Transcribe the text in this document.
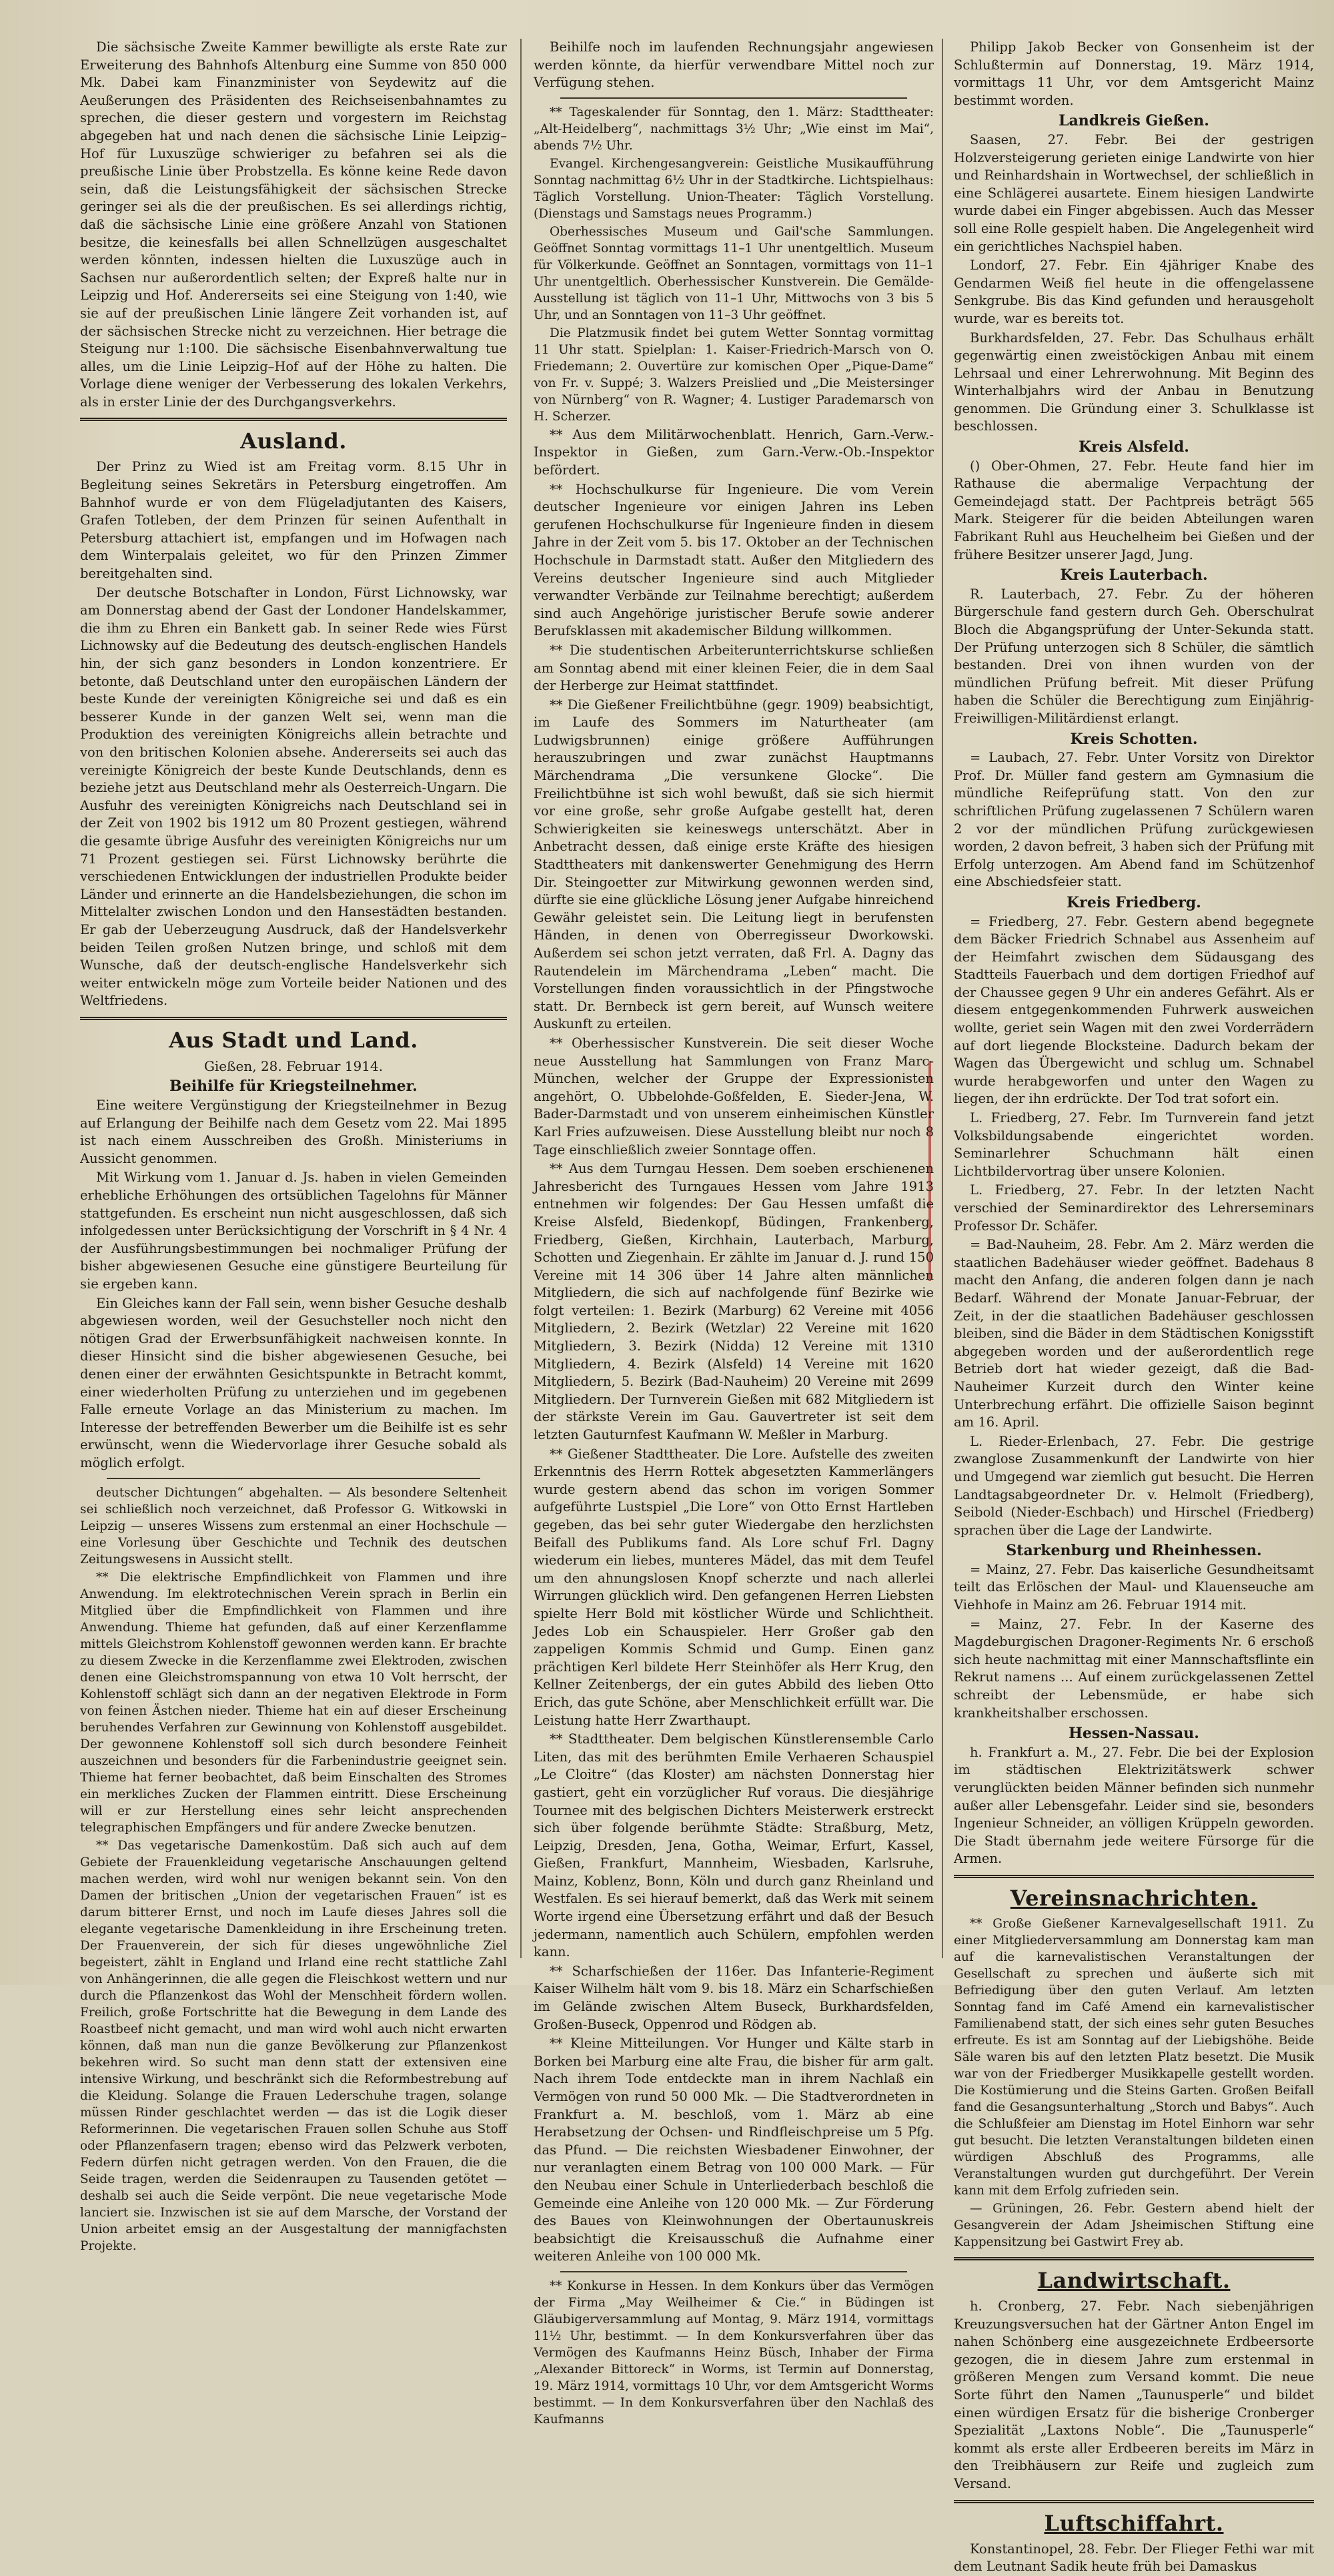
Die sächsische Zweite Kammer bewilligte als erste Rate zur Erweiterung des Bahnhofs Altenburg eine Summe von 850 000 Mk. Dabei kam Finanzminister von Seydewitz auf die Aeußerungen des Präsidenten des Reichseisenbahnamtes zu sprechen, die dieser gestern und vorgestern im Reichstag abgegeben hat und nach denen die sächsische Linie Leipzig–Hof für Luxuszüge schwieriger zu befahren sei als die preußische Linie über Probstzella. Es könne keine Rede davon sein, daß die Leistungsfähigkeit der sächsischen Strecke geringer sei als die der preußischen. Es sei allerdings richtig, daß die sächsische Linie eine größere Anzahl von Stationen besitze, die keinesfalls bei allen Schnellzügen ausgeschaltet werden könnten, indessen hielten die Luxuszüge auch in Sachsen nur außerordentlich selten; der Expreß halte nur in Leipzig und Hof. Andererseits sei eine Steigung von 1:40, wie sie auf der preußischen Linie längere Zeit vorhanden ist, auf der sächsischen Strecke nicht zu verzeichnen. Hier betrage die Steigung nur 1:100. Die sächsische Eisenbahnverwaltung tue alles, um die Linie Leipzig–Hof auf der Höhe zu halten. Die Vorlage diene weniger der Verbesserung des lokalen Verkehrs, als in erster Linie der des Durchgangsverkehrs.

Ausland.

Der Prinz zu Wied ist am Freitag vorm. 8.15 Uhr in Begleitung seines Sekretärs in Petersburg eingetroffen. Am Bahnhof wurde er von dem Flügeladjutanten des Kaisers, Grafen Totleben, der dem Prinzen für seinen Aufenthalt in Petersburg attachiert ist, empfangen und im Hofwagen nach dem Winterpalais geleitet, wo für den Prinzen Zimmer bereitgehalten sind.

Der deutsche Botschafter in London, Fürst Lichnowsky, war am Donnerstag abend der Gast der Londoner Handelskammer, die ihm zu Ehren ein Bankett gab. In seiner Rede wies Fürst Lichnowsky auf die Bedeutung des deutsch-englischen Handels hin, der sich ganz besonders in London konzentriere. Er betonte, daß Deutschland unter den europäischen Ländern der beste Kunde der vereinigten Königreiche sei und daß es ein besserer Kunde in der ganzen Welt sei, wenn man die Produktion des vereinigten Königreichs allein betrachte und von den britischen Kolonien absehe. Andererseits sei auch das vereinigte Königreich der beste Kunde Deutschlands, denn es beziehe jetzt aus Deutschland mehr als Oesterreich-Ungarn. Die Ausfuhr des vereinigten Königreichs nach Deutschland sei in der Zeit von 1902 bis 1912 um 80 Prozent gestiegen, während die gesamte übrige Ausfuhr des vereinigten Königreichs nur um 71 Prozent gestiegen sei. Fürst Lichnowsky berührte die verschiedenen Entwicklungen der industriellen Produkte beider Länder und erinnerte an die Handelsbeziehungen, die schon im Mittelalter zwischen London und den Hansestädten bestanden. Er gab der Ueberzeugung Ausdruck, daß der Handelsverkehr beiden Teilen großen Nutzen bringe, und schloß mit dem Wunsche, daß der deutsch-englische Handelsverkehr sich weiter entwickeln möge zum Vorteile beider Nationen und des Weltfriedens.

Aus Stadt und Land.
Gießen, 28. Februar 1914.
Beihilfe für Kriegsteilnehmer.

Eine weitere Vergünstigung der Kriegsteilnehmer in Bezug auf Erlangung der Beihilfe nach dem Gesetz vom 22. Mai 1895 ist nach einem Ausschreiben des Großh. Ministeriums in Aussicht genommen.

Mit Wirkung vom 1. Januar d. Js. haben in vielen Gemeinden erhebliche Erhöhungen des ortsüblichen Tagelohns für Männer stattgefunden. Es erscheint nun nicht ausgeschlossen, daß sich infolgedessen unter Berücksichtigung der Vorschrift in § 4 Nr. 4 der Ausführungsbestimmungen bei nochmaliger Prüfung der bisher abgewiesenen Gesuche eine günstigere Beurteilung für sie ergeben kann.

Ein Gleiches kann der Fall sein, wenn bisher Gesuche deshalb abgewiesen worden, weil der Gesuchsteller noch nicht den nötigen Grad der Erwerbsunfähigkeit nachweisen konnte. In dieser Hinsicht sind die bisher abgewiesenen Gesuche, bei denen einer der erwähnten Gesichtspunkte in Betracht kommt, einer wiederholten Prüfung zu unterziehen und im gegebenen Falle erneute Vorlage an das Ministerium zu machen. Im Interesse der betreffenden Bewerber um die Beihilfe ist es sehr erwünscht, wenn die Wiedervorlage ihrer Gesuche sobald als möglich erfolgt.

deutscher Dichtungen“ abgehalten. — Als besondere Seltenheit sei schließlich noch verzeichnet, daß Professor G. Witkowski in Leipzig — unseres Wissens zum erstenmal an einer Hochschule — eine Vorlesung über Geschichte und Technik des deutschen Zeitungswesens in Aussicht stellt.

** Die elektrische Empfindlichkeit von Flammen und ihre Anwendung. Im elektrotechnischen Verein sprach in Berlin ein Mitglied über die Empfindlichkeit von Flammen und ihre Anwendung. Thieme hat gefunden, daß auf einer Kerzenflamme mittels Gleichstrom Kohlenstoff gewonnen werden kann. Er brachte zu diesem Zwecke in die Kerzenflamme zwei Elektroden, zwischen denen eine Gleichstromspannung von etwa 10 Volt herrscht, der Kohlenstoff schlägt sich dann an der negativen Elektrode in Form von feinen Ästchen nieder. Thieme hat ein auf dieser Erscheinung beruhendes Verfahren zur Gewinnung von Kohlenstoff ausgebildet. Der gewonnene Kohlenstoff soll sich durch besondere Feinheit auszeichnen und besonders für die Farbenindustrie geeignet sein. Thieme hat ferner beobachtet, daß beim Einschalten des Stromes ein merkliches Zucken der Flammen eintritt. Diese Erscheinung will er zur Herstellung eines sehr leicht ansprechenden telegraphischen Empfängers und für andere Zwecke benutzen.

** Das vegetarische Damenkostüm. Daß sich auch auf dem Gebiete der Frauenkleidung vegetarische Anschauungen geltend machen werden, wird wohl nur wenigen bekannt sein. Von den Damen der britischen „Union der vegetarischen Frauen“ ist es darum bitterer Ernst, und noch im Laufe dieses Jahres soll die elegante vegetarische Damenkleidung in ihre Erscheinung treten. Der Frauenverein, der sich für dieses ungewöhnliche Ziel begeistert, zählt in England und Irland eine recht stattliche Zahl von Anhängerinnen, die alle gegen die Fleischkost wettern und nur durch die Pflanzenkost das Wohl der Menschheit fördern wollen. Freilich, große Fortschritte hat die Bewegung in dem Lande des Roastbeef nicht gemacht, und man wird wohl auch nicht erwarten können, daß man nun die ganze Bevölkerung zur Pflanzenkost bekehren wird. So sucht man denn statt der extensiven eine intensive Wirkung, und beschränkt sich die Reformbestrebung auf die Kleidung. Solange die Frauen Lederschuhe tragen, solange müssen Rinder geschlachtet werden — das ist die Logik dieser Reformerinnen. Die vegetarischen Frauen sollen Schuhe aus Stoff oder Pflanzenfasern tragen; ebenso wird das Pelzwerk verboten, Federn dürfen nicht getragen werden. Von den Frauen, die die Seide tragen, werden die Seidenraupen zu Tausenden getötet — deshalb sei auch die Seide verpönt. Die neue vegetarische Mode lanciert sie. Inzwischen ist sie auf dem Marsche, der Vorstand der Union arbeitet emsig an der Ausgestaltung der mannigfachsten Projekte.

Beihilfe noch im laufenden Rechnungsjahr angewiesen werden könnte, da hierfür verwendbare Mittel noch zur Verfügung stehen.

** Tageskalender für Sonntag, den 1. März: Stadttheater: „Alt-Heidelberg“, nachmittags 3½ Uhr; „Wie einst im Mai“, abends 7½ Uhr.

Evangel. Kirchengesangverein: Geistliche Musikaufführung Sonntag nachmittag 6½ Uhr in der Stadtkirche. Lichtspielhaus: Täglich Vorstellung. Union-Theater: Täglich Vorstellung. (Dienstags und Samstags neues Programm.)

Oberhessisches Museum und Gail'sche Sammlungen. Geöffnet Sonntag vormittags 11–1 Uhr unentgeltlich. Museum für Völkerkunde. Geöffnet an Sonntagen, vormittags von 11–1 Uhr unentgeltlich. Oberhessischer Kunstverein. Die Gemälde-Ausstellung ist täglich von 11–1 Uhr, Mittwochs von 3 bis 5 Uhr, und an Sonntagen von 11–3 Uhr geöffnet.

Die Platzmusik findet bei gutem Wetter Sonntag vormittag 11 Uhr statt. Spielplan: 1. Kaiser-Friedrich-Marsch von O. Friedemann; 2. Ouvertüre zur komischen Oper „Pique-Dame“ von Fr. v. Suppé; 3. Walzers Preislied und „Die Meistersinger von Nürnberg“ von R. Wagner; 4. Lustiger Parademarsch von H. Scherzer.

** Aus dem Militärwochenblatt. Henrich, Garn.-Verw.-Inspektor in Gießen, zum Garn.-Verw.-Ob.-Inspektor befördert.

** Hochschulkurse für Ingenieure. Die vom Verein deutscher Ingenieure vor einigen Jahren ins Leben gerufenen Hochschulkurse für Ingenieure finden in diesem Jahre in der Zeit vom 5. bis 17. Oktober an der Technischen Hochschule in Darmstadt statt. Außer den Mitgliedern des Vereins deutscher Ingenieure sind auch Mitglieder verwandter Verbände zur Teilnahme berechtigt; außerdem sind auch Angehörige juristischer Berufe sowie anderer Berufsklassen mit akademischer Bildung willkommen.

** Die studentischen Arbeiterunterrichtskurse schließen am Sonntag abend mit einer kleinen Feier, die in dem Saal der Herberge zur Heimat stattfindet.

** Die Gießener Freilichtbühne (gegr. 1909) beabsichtigt, im Laufe des Sommers im Naturtheater (am Ludwigsbrunnen) einige größere Aufführungen herauszubringen und zwar zunächst Hauptmanns Märchendrama „Die versunkene Glocke“. Die Freilichtbühne ist sich wohl bewußt, daß sie sich hiermit vor eine große, sehr große Aufgabe gestellt hat, deren Schwierigkeiten sie keineswegs unterschätzt. Aber in Anbetracht dessen, daß einige erste Kräfte des hiesigen Stadttheaters mit dankenswerter Genehmigung des Herrn Dir. Steingoetter zur Mitwirkung gewonnen werden sind, dürfte sie eine glückliche Lösung jener Aufgabe hinreichend Gewähr geleistet sein. Die Leitung liegt in berufensten Händen, in denen von Oberregisseur Dworkowski. Außerdem sei schon jetzt verraten, daß Frl. A. Dagny das Rautendelein im Märchendrama „Leben“ macht. Die Vorstellungen finden voraussichtlich in der Pfingstwoche statt. Dr. Bernbeck ist gern bereit, auf Wunsch weitere Auskunft zu erteilen.

** Oberhessischer Kunstverein. Die seit dieser Woche neue Ausstellung hat Sammlungen von Franz Marc-München, welcher der Gruppe der Expressionisten angehört, O. Ubbelohde-Goßfelden, E. Sieder-Jena, W. Bader-Darmstadt und von unserem einheimischen Künstler Karl Fries aufzuweisen. Diese Ausstellung bleibt nur noch 8 Tage einschließlich zweier Sonntage offen.

** Aus dem Turngau Hessen. Dem soeben erschienenen Jahresbericht des Turngaues Hessen vom Jahre 1913 entnehmen wir folgendes: Der Gau Hessen umfaßt die Kreise Alsfeld, Biedenkopf, Büdingen, Frankenberg, Friedberg, Gießen, Kirchhain, Lauterbach, Marburg, Schotten und Ziegenhain. Er zählte im Januar d. J. rund 150 Vereine mit 14 306 über 14 Jahre alten männlichen Mitgliedern, die sich auf nachfolgende fünf Bezirke wie folgt verteilen: 1. Bezirk (Marburg) 62 Vereine mit 4056 Mitgliedern, 2. Bezirk (Wetzlar) 22 Vereine mit 1620 Mitgliedern, 3. Bezirk (Nidda) 12 Vereine mit 1310 Mitgliedern, 4. Bezirk (Alsfeld) 14 Vereine mit 1620 Mitgliedern, 5. Bezirk (Bad-Nauheim) 20 Vereine mit 2699 Mitgliedern. Der Turnverein Gießen mit 682 Mitgliedern ist der stärkste Verein im Gau. Gauvertreter ist seit dem letzten Gauturnfest Kaufmann W. Meßler in Marburg.

** Gießener Stadttheater. Die Lore. Aufstelle des zweiten Erkenntnis des Herrn Rottek abgesetzten Kammerlängers wurde gestern abend das schon im vorigen Sommer aufgeführte Lustspiel „Die Lore“ von Otto Ernst Hartleben gegeben, das bei sehr guter Wiedergabe den herzlichsten Beifall des Publikums fand. Als Lore schuf Frl. Dagny wiederum ein liebes, munteres Mädel, das mit dem Teufel um den ahnungslosen Knopf scherzte und nach allerlei Wirrungen glücklich wird. Den gefangenen Herren Liebsten spielte Herr Bold mit köstlicher Würde und Schlichtheit. Jedes Lob ein Schauspieler. Herr Großer gab den zappeligen Kommis Schmid und Gump. Einen ganz prächtigen Kerl bildete Herr Steinhöfer als Herr Krug, den Kellner Zeitenbergs, der ein gutes Abbild des lieben Otto Erich, das gute Schöne, aber Menschlichkeit erfüllt war. Die Leistung hatte Herr Zwarthaupt.

** Stadttheater. Dem belgischen Künstlerensemble Carlo Liten, das mit des berühmten Emile Verhaeren Schauspiel „Le Cloitre“ (das Kloster) am nächsten Donnerstag hier gastiert, geht ein vorzüglicher Ruf voraus. Die diesjährige Tournee mit des belgischen Dichters Meisterwerk erstreckt sich über folgende berühmte Städte: Straßburg, Metz, Leipzig, Dresden, Jena, Gotha, Weimar, Erfurt, Kassel, Gießen, Frankfurt, Mannheim, Wiesbaden, Karlsruhe, Mainz, Koblenz, Bonn, Köln und durch ganz Rheinland und Westfalen. Es sei hierauf bemerkt, daß das Werk mit seinem Worte irgend eine Übersetzung erfährt und daß der Besuch jedermann, namentlich auch Schülern, empfohlen werden kann.

** Scharfschießen der 116er. Das Infanterie-Regiment Kaiser Wilhelm hält vom 9. bis 18. März ein Scharfschießen im Gelände zwischen Altem Buseck, Burkhardsfelden, Großen-Buseck, Oppenrod und Rödgen ab.

** Kleine Mitteilungen. Vor Hunger und Kälte starb in Borken bei Marburg eine alte Frau, die bisher für arm galt. Nach ihrem Tode entdeckte man in ihrem Nachlaß ein Vermögen von rund 50 000 Mk. — Die Stadtverordneten in Frankfurt a. M. beschloß, vom 1. März ab eine Herabsetzung der Ochsen- und Rindfleischpreise um 5 Pfg. das Pfund. — Die reichsten Wiesbadener Einwohner, der nur veranlagten einem Betrag von 100 000 Mark. — Für den Neubau einer Schule in Unterliederbach beschloß die Gemeinde eine Anleihe von 120 000 Mk. — Zur Förderung des Baues von Kleinwohnungen der Obertaunuskreis beabsichtigt die Kreisausschuß die Aufnahme einer weiteren Anleihe von 100 000 Mk.

** Konkurse in Hessen. In dem Konkurs über das Vermögen der Firma „May Weilheimer & Cie.“ in Büdingen ist Gläubigerversammlung auf Montag, 9. März 1914, vormittags 11½ Uhr, bestimmt. — In dem Konkursverfahren über das Vermögen des Kaufmanns Heinz Büsch, Inhaber der Firma „Alexander Bittoreck“ in Worms, ist Termin auf Donnerstag, 19. März 1914, vormittags 10 Uhr, vor dem Amtsgericht Worms bestimmt. — In dem Konkursverfahren über den Nachlaß des Kaufmanns

Philipp Jakob Becker von Gonsenheim ist der Schlußtermin auf Donnerstag, 19. März 1914, vormittags 11 Uhr, vor dem Amtsgericht Mainz bestimmt worden.

Landkreis Gießen.

Saasen, 27. Febr. Bei der gestrigen Holzversteigerung gerieten einige Landwirte von hier und Reinhardshain in Wortwechsel, der schließlich in eine Schlägerei ausartete. Einem hiesigen Landwirte wurde dabei ein Finger abgebissen. Auch das Messer soll eine Rolle gespielt haben. Die Angelegenheit wird ein gerichtliches Nachspiel haben.

Londorf, 27. Febr. Ein 4jähriger Knabe des Gendarmen Weiß fiel heute in die offengelassene Senkgrube. Bis das Kind gefunden und herausgeholt wurde, war es bereits tot.

Burkhardsfelden, 27. Febr. Das Schulhaus erhält gegenwärtig einen zweistöckigen Anbau mit einem Lehrsaal und einer Lehrerwohnung. Mit Beginn des Winterhalbjahrs wird der Anbau in Benutzung genommen. Die Gründung einer 3. Schulklasse ist beschlossen.

Kreis Alsfeld.

() Ober-Ohmen, 27. Febr. Heute fand hier im Rathause die abermalige Verpachtung der Gemeindejagd statt. Der Pachtpreis beträgt 565 Mark. Steigerer für die beiden Abteilungen waren Fabrikant Ruhl aus Heuchelheim bei Gießen und der frühere Besitzer unserer Jagd, Jung.

Kreis Lauterbach.

R. Lauterbach, 27. Febr. Zu der höheren Bürgerschule fand gestern durch Geh. Oberschulrat Bloch die Abgangsprüfung der Unter-Sekunda statt. Der Prüfung unterzogen sich 8 Schüler, die sämtlich bestanden. Drei von ihnen wurden von der mündlichen Prüfung befreit. Mit dieser Prüfung haben die Schüler die Berechtigung zum Einjährig-Freiwilligen-Militärdienst erlangt.

Kreis Schotten.

= Laubach, 27. Febr. Unter Vorsitz von Direktor Prof. Dr. Müller fand gestern am Gymnasium die mündliche Reifeprüfung statt. Von den zur schriftlichen Prüfung zugelassenen 7 Schülern waren 2 vor der mündlichen Prüfung zurückgewiesen worden, 2 davon befreit, 3 haben sich der Prüfung mit Erfolg unterzogen. Am Abend fand im Schützenhof eine Abschiedsfeier statt.

Kreis Friedberg.

= Friedberg, 27. Febr. Gestern abend begegnete dem Bäcker Friedrich Schnabel aus Assenheim auf der Heimfahrt zwischen dem Südausgang des Stadtteils Fauerbach und dem dortigen Friedhof auf der Chaussee gegen 9 Uhr ein anderes Gefährt. Als er diesem entgegenkommenden Fuhrwerk ausweichen wollte, geriet sein Wagen mit den zwei Vorderrädern auf dort liegende Blocksteine. Dadurch bekam der Wagen das Übergewicht und schlug um. Schnabel wurde herabgeworfen und unter den Wagen zu liegen, der ihn erdrückte. Der Tod trat sofort ein.

L. Friedberg, 27. Febr. Im Turnverein fand jetzt Volksbildungsabende eingerichtet worden. Seminarlehrer Schuchmann hält einen Lichtbildervortrag über unsere Kolonien.

L. Friedberg, 27. Febr. In der letzten Nacht verschied der Seminardirektor des Lehrerseminars Professor Dr. Schäfer.

= Bad-Nauheim, 28. Febr. Am 2. März werden die staatlichen Badehäuser wieder geöffnet. Badehaus 8 macht den Anfang, die anderen folgen dann je nach Bedarf. Während der Monate Januar-Februar, der Zeit, in der die staatlichen Badehäuser geschlossen bleiben, sind die Bäder in dem Städtischen Konigsstift abgegeben worden und der außerordentlich rege Betrieb dort hat wieder gezeigt, daß die Bad-Nauheimer Kurzeit durch den Winter keine Unterbrechung erfährt. Die offizielle Saison beginnt am 16. April.

L. Rieder-Erlenbach, 27. Febr. Die gestrige zwanglose Zusammenkunft der Landwirte von hier und Umgegend war ziemlich gut besucht. Die Herren Landtagsabgeordneter Dr. v. Helmolt (Friedberg), Seibold (Nieder-Eschbach) und Hirschel (Friedberg) sprachen über die Lage der Landwirte.

Starkenburg und Rheinhessen.

= Mainz, 27. Febr. Das kaiserliche Gesundheitsamt teilt das Erlöschen der Maul- und Klauenseuche am Viehhofe in Mainz am 26. Februar 1914 mit.

= Mainz, 27. Febr. In der Kaserne des Magdeburgischen Dragoner-Regiments Nr. 6 erschoß sich heute nachmittag mit einer Mannschaftsflinte ein Rekrut namens ... Auf einem zurückgelassenen Zettel schreibt der Lebensmüde, er habe sich krankheitshalber erschossen.

Hessen-Nassau.

h. Frankfurt a. M., 27. Febr. Die bei der Explosion im städtischen Elektrizitätswerk schwer verunglückten beiden Männer befinden sich nunmehr außer aller Lebensgefahr. Leider sind sie, besonders Ingenieur Schneider, an völligen Krüppeln geworden. Die Stadt übernahm jede weitere Fürsorge für die Armen.

Vereinsnachrichten.

** Große Gießener Karnevalgesellschaft 1911. Zu einer Mitgliederversammlung am Donnerstag kam man auf die karnevalistischen Veranstaltungen der Gesellschaft zu sprechen und äußerte sich mit Befriedigung über den guten Verlauf. Am letzten Sonntag fand im Café Amend ein karnevalistischer Familienabend statt, der sich eines sehr guten Besuches erfreute. Es ist am Sonntag auf der Liebigshöhe. Beide Säle waren bis auf den letzten Platz besetzt. Die Musik war von der Friedberger Musikkapelle gestellt worden. Die Kostümierung und die Steins Garten. Großen Beifall fand die Gesangsunterhaltung „Storch und Babys“. Auch die Schlußfeier am Dienstag im Hotel Einhorn war sehr gut besucht. Die letzten Veranstaltungen bildeten einen würdigen Abschluß des Programms, alle Veranstaltungen wurden gut durchgeführt. Der Verein kann mit dem Erfolg zufrieden sein.

— Grüningen, 26. Febr. Gestern abend hielt der Gesangverein der Adam Jsheimischen Stiftung eine Kappensitzung bei Gastwirt Frey ab.

Landwirtschaft.

h. Cronberg, 27. Febr. Nach siebenjährigen Kreuzungsversuchen hat der Gärtner Anton Engel im nahen Schönberg eine ausgezeichnete Erdbeersorte gezogen, die in diesem Jahre zum erstenmal in größeren Mengen zum Versand kommt. Die neue Sorte führt den Namen „Taunusperle“ und bildet einen würdigen Ersatz für die bisherige Cronberger Spezialität „Laxtons Noble“. Die „Taunusperle“ kommt als erste aller Erdbeeren bereits im März in den Treibhäusern zur Reife und zugleich zum Versand.

Luftschiffahrt.

Konstantinopel, 28. Febr. Der Flieger Fethi war mit dem Leutnant Sadik heute früh bei Damaskus
